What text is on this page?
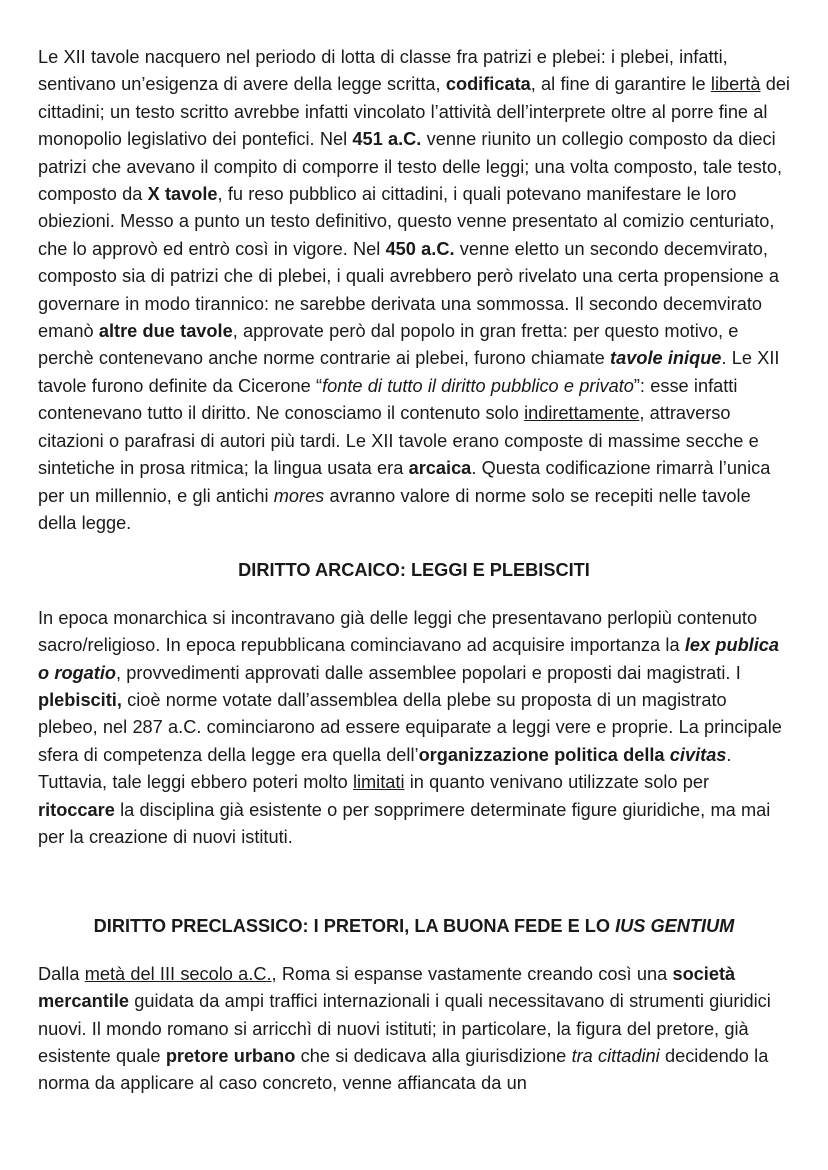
Le XII tavole nacquero nel periodo di lotta di classe fra patrizi e plebei: i plebei, infatti, sentivano un’esigenza di avere della legge scritta, codificata, al fine di garantire le libertà dei cittadini; un testo scritto avrebbe infatti vincolato l’attività dell’interprete oltre al porre fine al monopolio legislativo dei pontefici. Nel 451 a.C. venne riunito un collegio composto da dieci patrizi che avevano il compito di comporre il testo delle leggi; una volta composto, tale testo, composto da X tavole, fu reso pubblico ai cittadini, i quali potevano manifestare le loro obiezioni. Messo a punto un testo definitivo, questo venne presentato al comizio centuriato, che lo approvò ed entrò così in vigore. Nel 450 a.C. venne eletto un secondo decemvirato, composto sia di patrizi che di plebei, i quali avrebbero però rivelato una certa propensione a governare in modo tirannico: ne sarebbe derivata una sommossa. Il secondo decemvirato emanò altre due tavole, approvate però dal popolo in gran fretta: per questo motivo, e perchè contenevano anche norme contrarie ai plebei, furono chiamate tavole inique. Le XII tavole furono definite da Cicerone “fonte di tutto il diritto pubblico e privato”: esse infatti contenevano tutto il diritto. Ne conosciamo il contenuto solo indirettamente, attraverso citazioni o parafrasi di autori più tardi. Le XII tavole erano composte di massime secche e sintetiche in prosa ritmica; la lingua usata era arcaica. Questa codificazione rimarrà l’unica per un millennio, e gli antichi mores avranno valore di norme solo se recepiti nelle tavole della legge.

DIRITTO ARCAICO: LEGGI E PLEBISCITI

In epoca monarchica si incontravano già delle leggi che presentavano perlopiù contenuto sacro/religioso. In epoca repubblicana cominciavano ad acquisire importanza la lex publica o rogatio, provvedimenti approvati dalle assemblee popolari e proposti dai magistrati. I plebisciti, cioè norme votate dall’assemblea della plebe su proposta di un magistrato plebeo, nel 287 a.C. cominciarono ad essere equiparate a leggi vere e proprie. La principale sfera di competenza della legge era quella dell’organizzazione politica della civitas. Tuttavia, tale leggi ebbero poteri molto limitati in quanto venivano utilizzate solo per ritoccare la disciplina già esistente o per sopprimere determinate figure giuridiche, ma mai per la creazione di nuovi istituti.

DIRITTO PRECLASSICO: I PRETORI, LA BUONA FEDE E LO IUS GENTIUM

Dalla metà del III secolo a.C., Roma si espanse vastamente creando così una società mercantile guidata da ampi traffici internazionali i quali necessitavano di strumenti giuridici nuovi. Il mondo romano si arricchì di nuovi istituti; in particolare, la figura del pretore, già esistente quale pretore urbano che si dedicava alla giurisdizione tra cittadini decidendo la norma da applicare al caso concreto, venne affiancata da un
